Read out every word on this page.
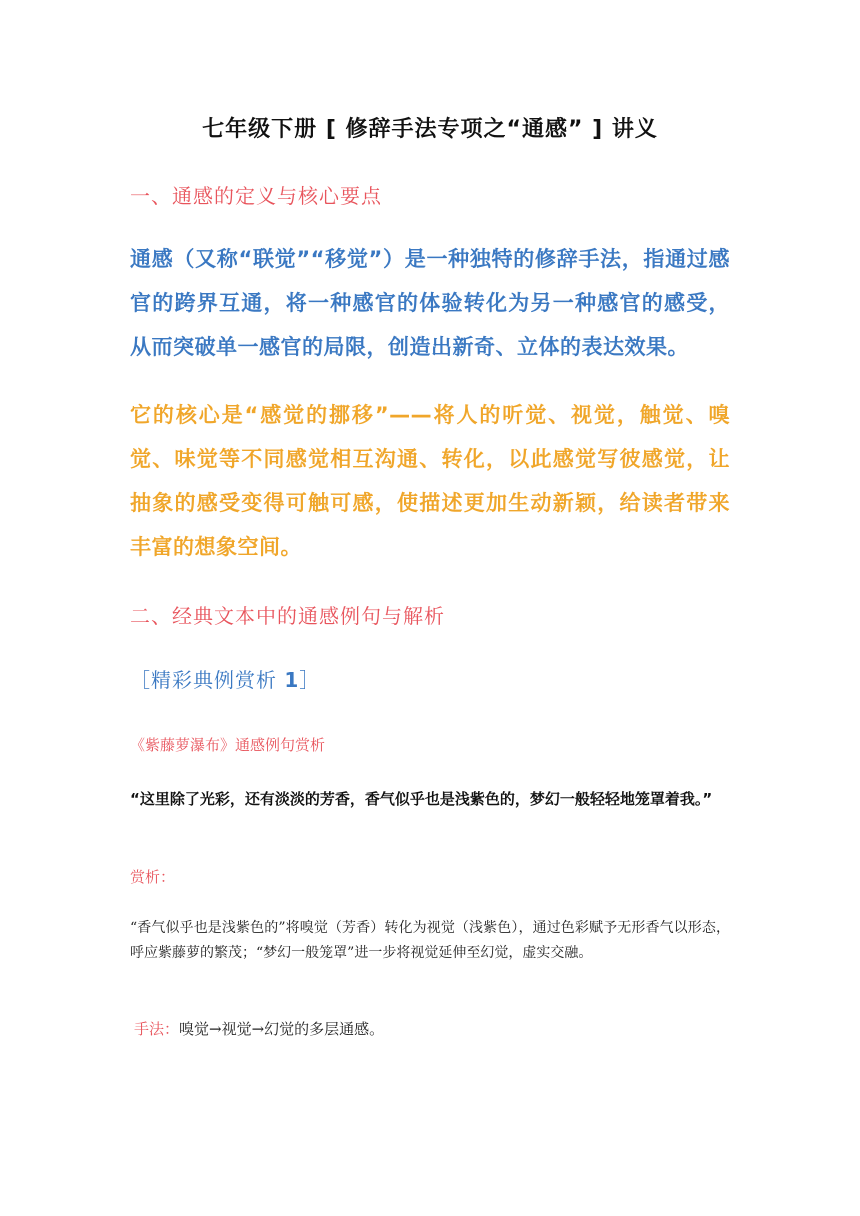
七年级下册 [ 修辞手法专项之“通感” ] 讲义
一、通感的定义与核心要点
通感（又称“联觉”“移觉”）是一种独特的修辞手法，指通过感官的跨界互通，将一种感官的体验转化为另一种感官的感受，从而突破单一感官的局限，创造出新奇、立体的表达效果。
它的核心是“感觉的挪移”——将人的听觉、视觉，触觉、嗅觉、味觉等不同感觉相互沟通、转化，以此感觉写彼感觉，让抽象的感受变得可触可感，使描述更加生动新颖，给读者带来丰富的想象空间。
二、经典文本中的通感例句与解析
［精彩典例赏析 1］
《紫藤萝瀑布》通感例句赏析
“这里除了光彩，还有淡淡的芳香，香气似乎也是浅紫色的，梦幻一般轻轻地笼罩着我。”
赏析：
“香气似乎也是浅紫色的”将嗅觉（芳香）转化为视觉（浅紫色），通过色彩赋予无形香气以形态，呼应紫藤萝的繁茂；“梦幻一般笼罩”进一步将视觉延伸至幻觉，虚实交融。
手法：嗅觉→视觉→幻觉的多层通感。
